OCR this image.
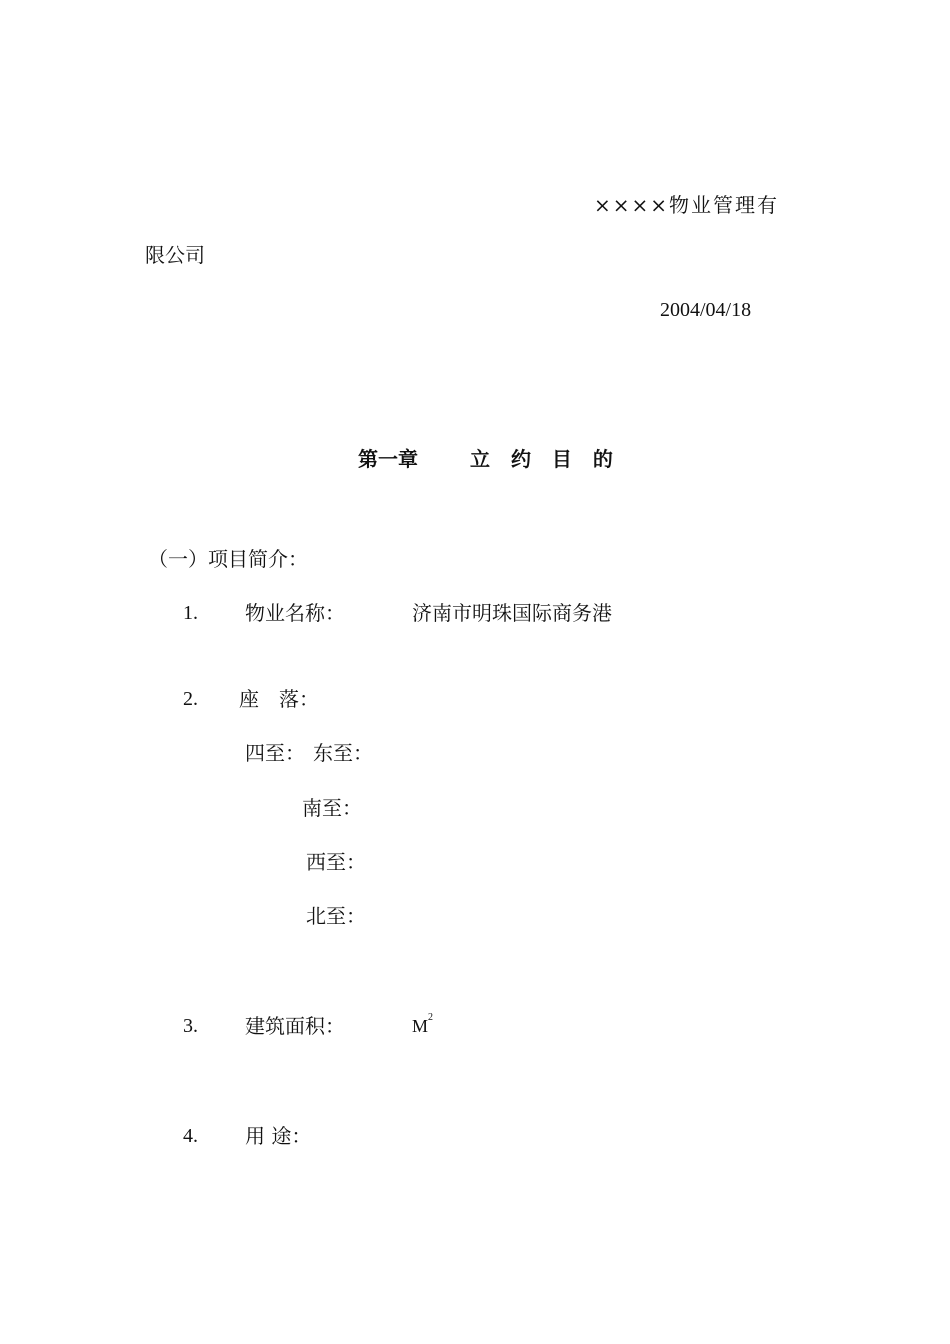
××××物业管理有
限公司
2004/04/18
第一章	立 约 目 的
（一）项目简介：
1. 物业名称：	济南市明珠国际商务港
2. 座　落：
四至： 东至：
南至：
西至：
北至：
3. 建筑面积：	$M^2$
4. 用 途：
